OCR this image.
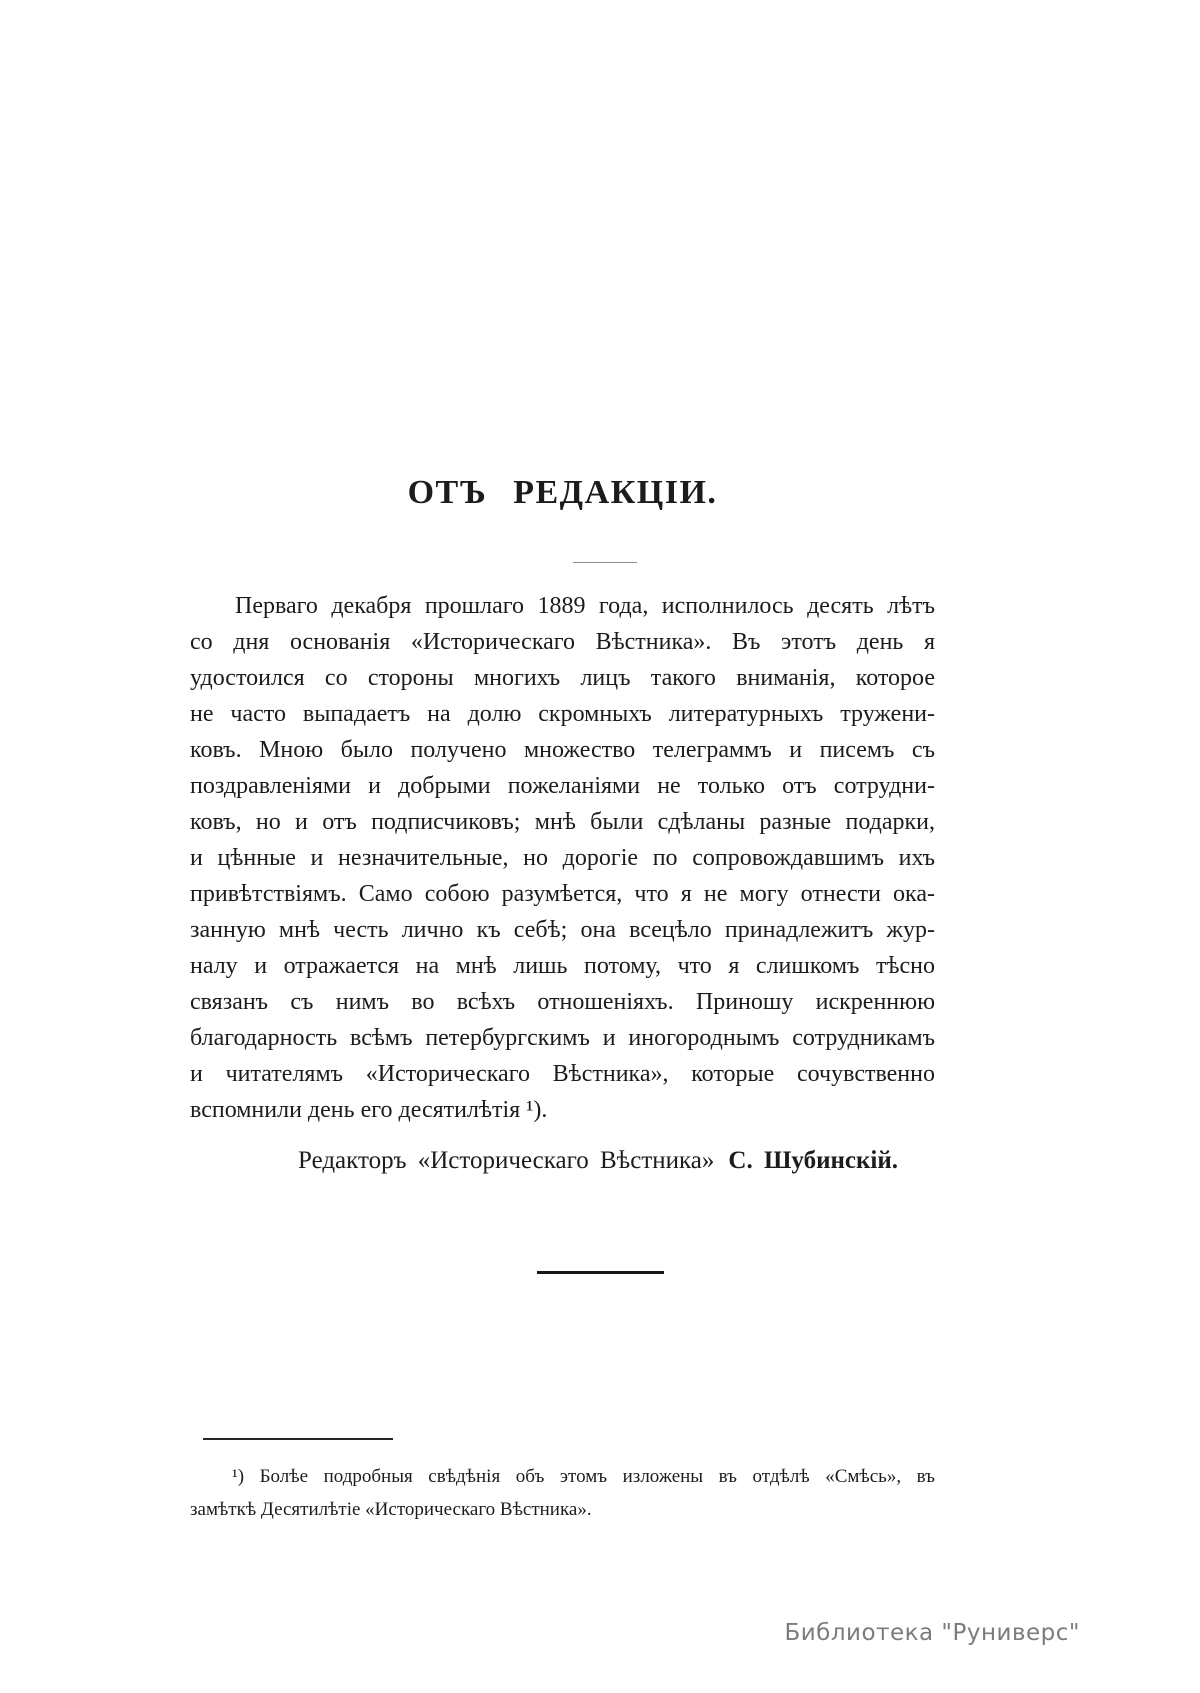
ОТЪ РЕДАКЦІИ.

Перваго декабря прошлаго 1889 года, исполнилось десять лѣтъ

со дня основанія «Историческаго Вѣстника». Въ этотъ день я

удостоился со стороны многихъ лицъ такого вниманія, которое

не часто выпадаетъ на долю скромныхъ литературныхъ тружени-

ковъ. Мною было получено множество телеграммъ и писемъ съ

поздравленіями и добрыми пожеланіями не только отъ сотрудни-

ковъ, но и отъ подписчиковъ; мнѣ были сдѣланы разные подарки,

и цѣнные и незначительные, но дорогіе по сопровождавшимъ ихъ

привѣтствіямъ. Само собою разумѣется, что я не могу отнести ока-

занную мнѣ честь лично къ себѣ; она всецѣло принадлежитъ жур-

налу и отражается на мнѣ лишь потому, что я слишкомъ тѣсно

связанъ съ нимъ во всѣхъ отношеніяхъ. Приношу искреннюю

благодарность всѣмъ петербургскимъ и иногороднымъ сотрудникамъ

и читателямъ «Историческаго Вѣстника», которые сочувственно

вспомнили день его десятилѣтія ¹).

Редакторъ «Историческаго Вѣстника» С. Шубинскій.

¹) Болѣе подробныя свѣдѣнія объ этомъ изложены въ отдѣлѣ «Смѣсь», въ

замѣткѣ Десятилѣтіе «Историческаго Вѣстника».

Библиотека "Руниверс"
